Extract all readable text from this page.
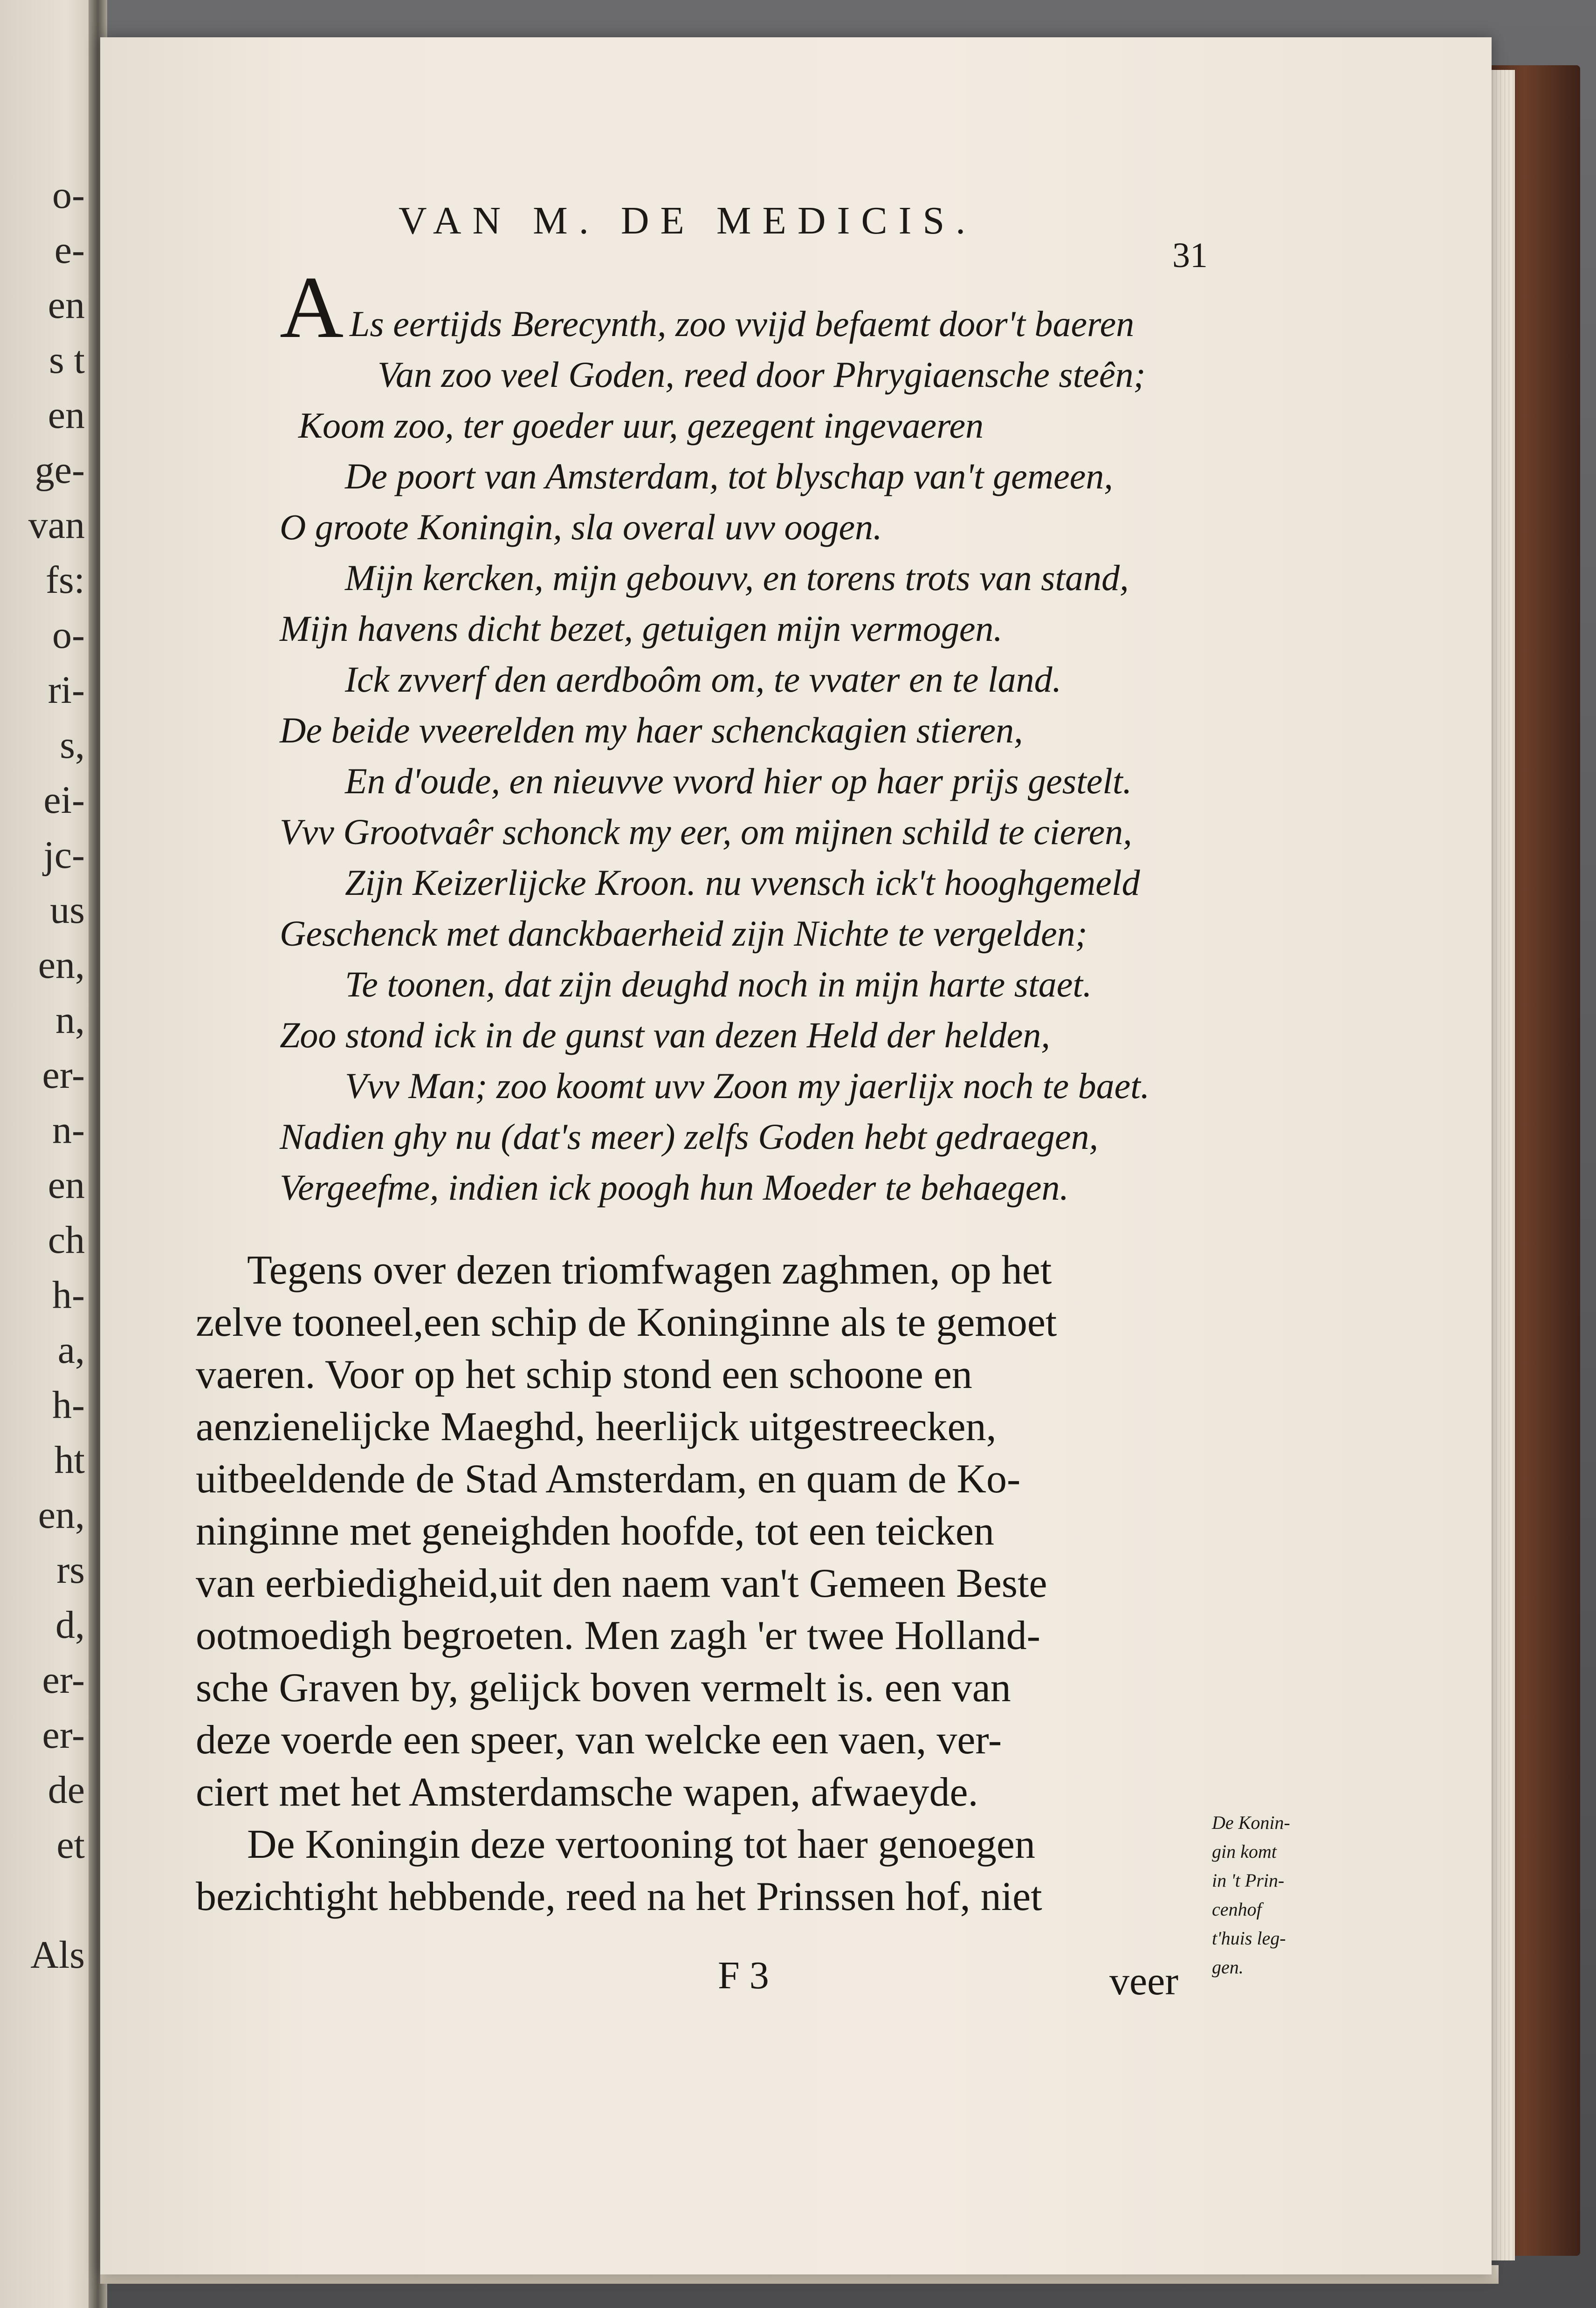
o-
e-
en
s t
en
ge-
van
fs:
o-
ri-
s,
ei-
jc-
us
en,
n,
er-
n-
en
ch
h-
a,
h-
ht
en,
rs
d,
er-
er-
de
et
Als
VAN M. DE MEDICIS.
31
A Ls eertijds Berecynth, zoo vvijd befaemt door't baeren
Van zoo veel Goden, reed door Phrygiaensche steên;
Koom zoo, ter goeder uur, gezegent ingevaeren
De poort van Amsterdam, tot blyschap van't gemeen,
O groote Koningin, sla overal uvv oogen.
Mijn kercken, mijn gebouvv, en torens trots van stand,
Mijn havens dicht bezet, getuigen mijn vermogen.
Ick zvverf den aerdboôm om, te vvater en te land.
De beide vveerelden my haer schenckagien stieren,
En d'oude, en nieuvve vvord hier op haer prijs gestelt.
Vvv Grootvaêr schonck my eer, om mijnen schild te cieren,
Zijn Keizerlijcke Kroon. nu vvensch ick't hooghgemeld
Geschenck met danckbaerheid zijn Nichte te vergelden;
Te toonen, dat zijn deughd noch in mijn harte staet.
Zoo stond ick in de gunst van dezen Held der helden,
Vvv Man; zoo koomt uvv Zoon my jaerlijx noch te baet.
Nadien ghy nu (dat's meer) zelfs Goden hebt gedraegen,
Vergeefme, indien ick poogh hun Moeder te behaegen.
Tegens over dezen triomfwagen zaghmen, op het
zelve tooneel,een schip de Koninginne als te gemoet
vaeren. Voor op het schip stond een schoone en
aenzienelijcke Maeghd, heerlijck uitgestreecken,
uitbeeldende de Stad Amsterdam, en quam de Ko-
ninginne met geneighden hoofde, tot een teicken
van eerbiedigheid,uit den naem van't Gemeen Beste
ootmoedigh begroeten. Men zagh 'er twee Holland-
sche Graven by, gelijck boven vermelt is. een van
deze voerde een speer, van welcke een vaen, ver-
ciert met het Amsterdamsche wapen, afwaeyde.
De Koningin deze vertooning tot haer genoegen
bezichtight hebbende, reed na het Prinssen hof, niet
De Konin-
gin komt
in 't Prin-
cenhof
t'huis leg-
gen.
F 3	veer
